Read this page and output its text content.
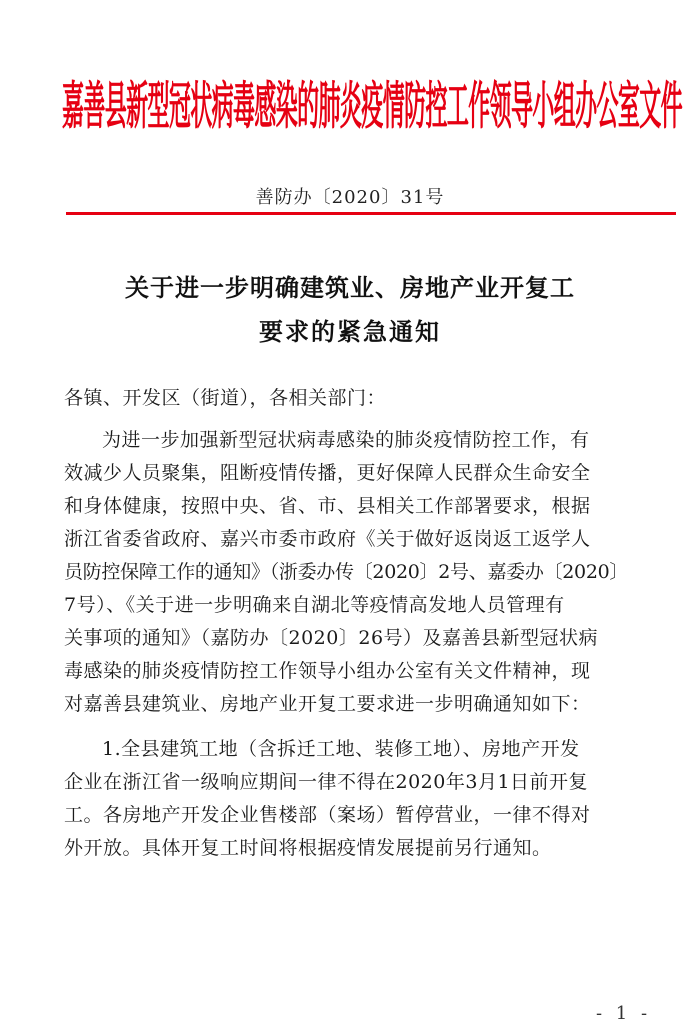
嘉善县新型冠状病毒感染的肺炎疫情防控工作领导小组办公室文件
善防办〔2020〕31号
关于进一步明确建筑业、房地产业开复工
要求的紧急通知
各镇、开发区（街道），各相关部门：
为进一步加强新型冠状病毒感染的肺炎疫情防控工作，有
效减少人员聚集，阻断疫情传播，更好保障人民群众生命安全
和身体健康，按照中央、省、市、县相关工作部署要求，根据
浙江省委省政府、嘉兴市委市政府《关于做好返岗返工返学人
员防控保障工作的通知》（浙委办传〔2020〕2号、嘉委办〔2020〕
7号）、《关于进一步明确来自湖北等疫情高发地人员管理有
关事项的通知》（嘉防办〔2020〕26号）及嘉善县新型冠状病
毒感染的肺炎疫情防控工作领导小组办公室有关文件精神，现
对嘉善县建筑业、房地产业开复工要求进一步明确通知如下：
1.全县建筑工地（含拆迁工地、装修工地）、房地产开发
企业在浙江省一级响应期间一律不得在2020年3月1日前开复
工。各房地产开发企业售楼部（案场）暂停营业，一律不得对
外开放。具体开复工时间将根据疫情发展提前另行通知。
- 1 -
